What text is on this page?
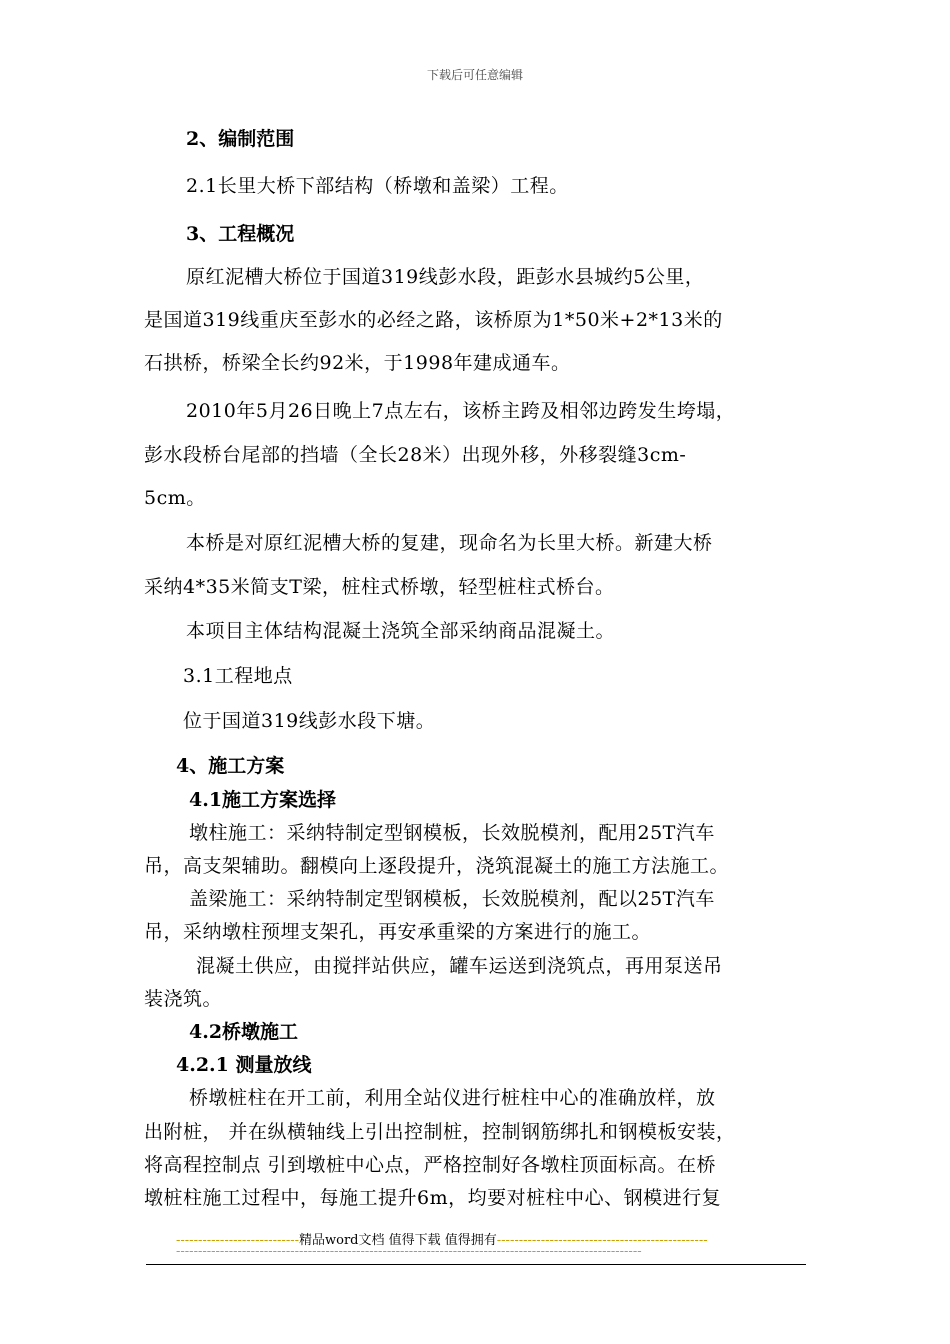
下载后可任意编辑
2、编制范围
2.1长里大桥下部结构（桥墩和盖梁）工程。
3、工程概况
原红泥槽大桥位于国道319线彭水段，距彭水县城约5公里，
是国道319线重庆至彭水的必经之路，该桥原为1*50米+2*13米的
石拱桥，桥梁全长约92米，于1998年建成通车。
2010年5月26日晚上7点左右，该桥主跨及相邻边跨发生垮塌，
彭水段桥台尾部的挡墙（全长28米）出现外移，外移裂缝3cm-
5cm。
本桥是对原红泥槽大桥的复建，现命名为长里大桥。新建大桥
采纳4*35米简支T梁，桩柱式桥墩，轻型桩柱式桥台。
本项目主体结构混凝土浇筑全部采纳商品混凝土。
3.1工程地点
位于国道319线彭水段下塘。
4、施工方案
4.1施工方案选择
墩柱施工：采纳特制定型钢模板，长效脱模剂，配用25T汽车
吊，高支架辅助。翻模向上逐段提升，浇筑混凝土的施工方法施工。
盖梁施工：采纳特制定型钢模板，长效脱模剂，配以25T汽车
吊，采纳墩柱预埋支架孔，再安承重梁的方案进行的施工。
混凝土供应，由搅拌站供应，罐车运送到浇筑点，再用泵送吊
装浇筑。
4.2桥墩施工
4.2.1 测量放线
桥墩桩柱在开工前，利用全站仪进行桩柱中心的准确放样，放
出附桩， 并在纵横轴线上引出控制桩，控制钢筋绑扎和钢模板安装，
将高程控制点 引到墩桩中心点，严格控制好各墩柱顶面标高。在桥
墩桩柱施工过程中，每施工提升6m，均要对桩柱中心、钢模进行复
----------------------------精品word文档 值得下载 值得拥有------------------------------------------------
----------------------------------------------------------------------------------------------------------
